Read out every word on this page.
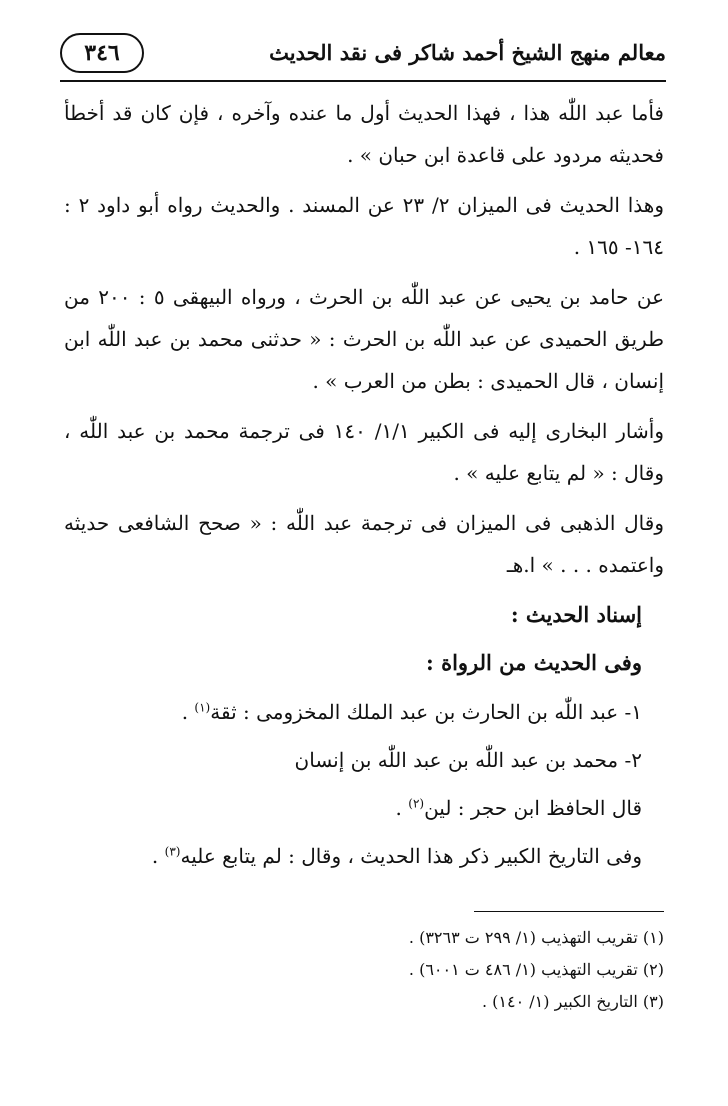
معالم منهج الشيخ أحمد شاكر فى نقد الحديث
٣٤٦

فأما عبد اللّٰه هذا ، فهذا الحديث أول ما عنده وآخره ، فإن كان قد أخطأ فحديثه مردود على قاعدة ابن حبان » .

وهذا الحديث فى الميزان ٢/ ٢٣ عن المسند . والحديث رواه أبو داود ٢ : ١٦٤- ١٦٥ .

عن حامد بن يحيى عن عبد اللّٰه بن الحرث ، ورواه البيهقى ٥ : ٢٠٠ من طريق الحميدى عن عبد اللّٰه بن الحرث : « حدثنى محمد بن عبد اللّٰه ابن إنسان ، قال الحميدى : بطن من العرب » .

وأشار البخارى إليه فى الكبير ١/١/ ١٤٠ فى ترجمة محمد بن عبد اللّٰه ، وقال : « لم يتابع عليه » .

وقال الذهبى فى الميزان فى ترجمة عبد اللّٰه : « صحح الشافعى حديثه واعتمده . . . » ا.هـ

إسناد الحديث :
وفى الحديث من الرواة :
١- عبد اللّٰه بن الحارث بن عبد الملك المخزومى : ثقة$^{(١)}$ .
٢- محمد بن عبد اللّٰه بن عبد اللّٰه بن إنسان
قال الحافظ ابن حجر : لين$^{(٢)}$ .
وفى التاريخ الكبير ذكر هذا الحديث ، وقال : لم يتابع عليه$^{(٣)}$ .
(١) تقريب التهذيب (١/ ٢٩٩ ت ٣٢٦٣) .
(٢) تقريب التهذيب (١/ ٤٨٦ ت ٦٠٠١) .
(٣) التاريخ الكبير (١/ ١٤٠) .
